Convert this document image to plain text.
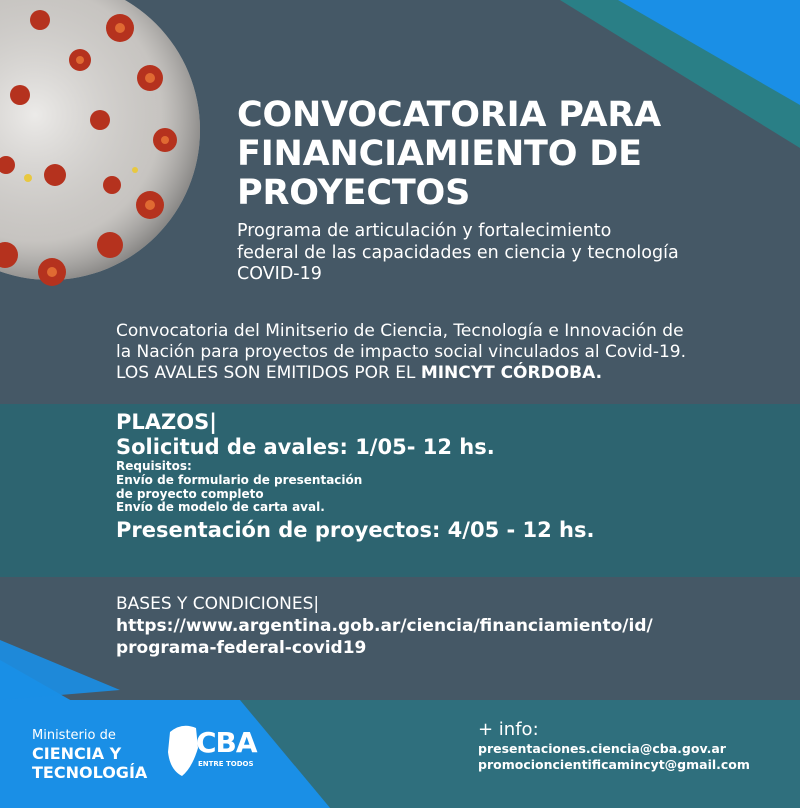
CONVOCATORIA PARA
FINANCIAMIENTO DE
PROYECTOS
Programa de articulación y fortalecimiento
federal de las capacidades en ciencia y tecnología
COVID-19
Convocatoria del Minitserio de Ciencia, Tecnología e Innovación de
la Nación para proyectos de impacto social vinculados al Covid-19.
LOS AVALES SON EMITIDOS POR EL MINCYT CÓRDOBA.
PLAZOS|
Solicitud de avales: 1/05- 12 hs.
Requisitos:
Envío de formulario de presentación
de proyecto completo
Envío de modelo de carta aval.
Presentación de proyectos: 4/05 - 12 hs.
BASES Y CONDICIONES|
https://www.argentina.gob.ar/ciencia/financiamiento/id/
programa-federal-covid19
Ministerio de
CIENCIA Y
TECNOLOGÍA
CBA
ENTRE TODOS
+ info:
presentaciones.ciencia@cba.gov.ar
promocioncientificamincyt@gmail.com
